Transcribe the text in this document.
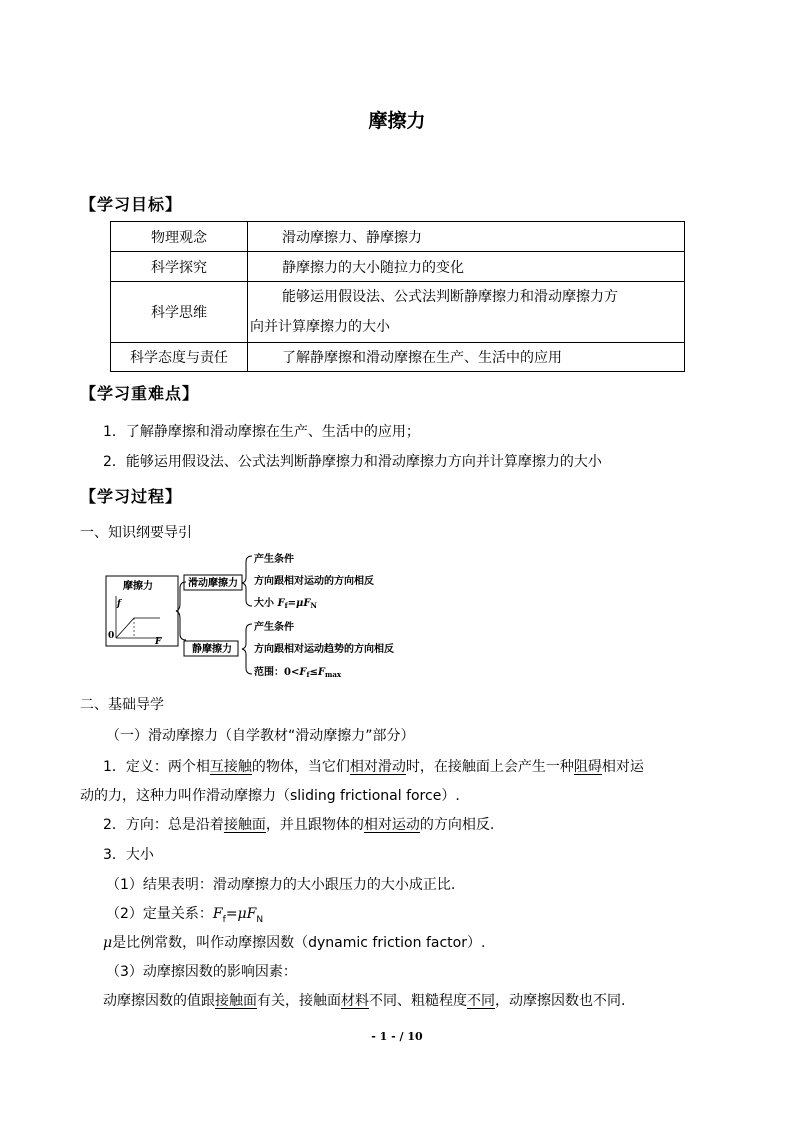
摩擦力
【学习目标】
物理观念	滑动摩擦力、静摩擦力
科学探究	静摩擦力的大小随拉力的变化
科学思维	能够运用假设法、公式法判断静摩擦力和滑动摩擦力方
向并计算摩擦力的大小

科学态度与责任	了解静摩擦和滑动摩擦在生产、生活中的应用
【学习重难点】
1．了解静摩擦和滑动摩擦在生产、生活中的应用；
2．能够运用假设法、公式法判断静摩擦力和滑动摩擦力方向并计算摩擦力的大小
【学习过程】
一、知识纲要导引
摩擦力
f
0
F
滑动摩擦力
静摩擦力
产生条件
方向跟相对运动的方向相反
大小 $F_f=\mu F_N$
产生条件
方向跟相对运动趋势的方向相反
范围：$0<F_f\le F_{max}$
二、基础导学
（一）滑动摩擦力（自学教材“滑动摩擦力”部分）
1．定义：两个相互接触的物体，当它们相对滑动时，在接触面上会产生一种阻碍相对运
动的力，这种力叫作滑动摩擦力（sliding frictional force）.
2．方向：总是沿着接触面，并且跟物体的相对运动的方向相反.
3．大小
（1）结果表明：滑动摩擦力的大小跟压力的大小成正比.
（2）定量关系：$F_f=\mu F_N$
μ是比例常数，叫作动摩擦因数（dynamic friction factor）.
（3）动摩擦因数的影响因素：
动摩擦因数的值跟接触面有关，接触面材料不同、粗糙程度不同，动摩擦因数也不同.
- 1 - / 10
